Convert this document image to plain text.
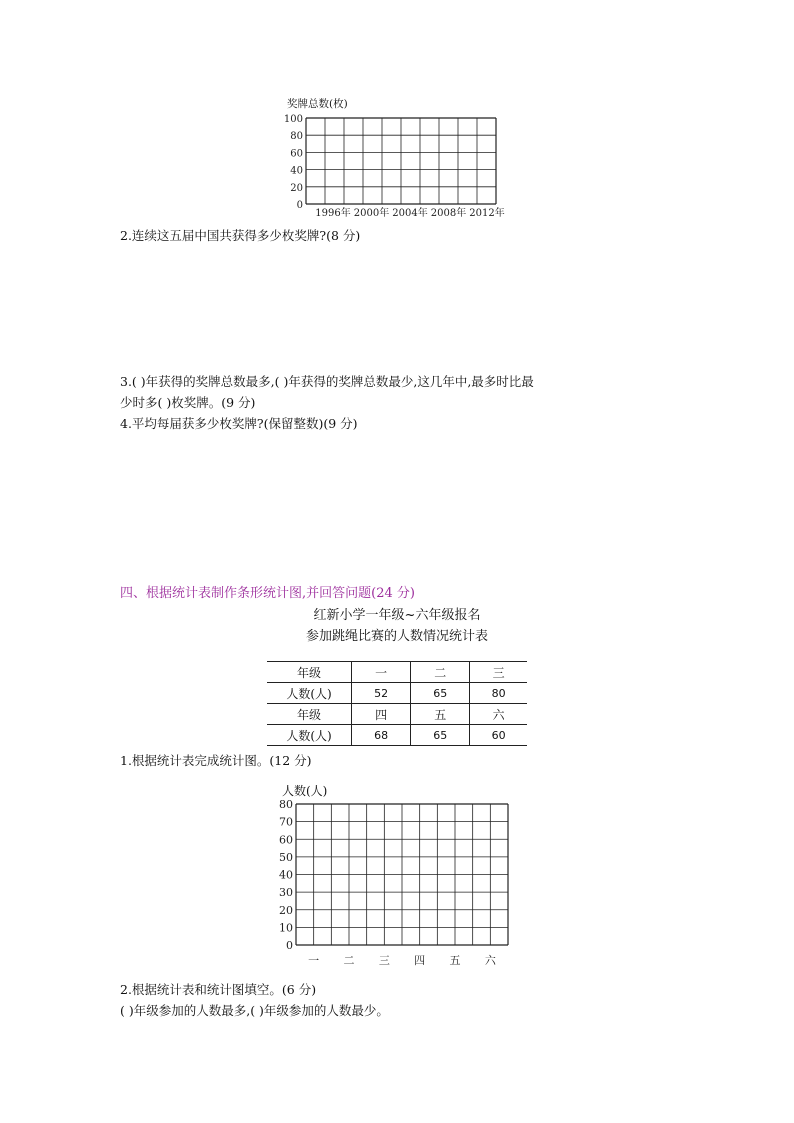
奖牌总数(枚)
100
80
60
40
20
0
1996年 2000年 2004年 2008年 2012年
2.连续这五届中国共获得多少枚奖牌?(8 分)
3.( )年获得的奖牌总数最多,( )年获得的奖牌总数最少,这几年中,最多时比最
少时多( )枚奖牌。(9 分)
4.平均每届获多少枚奖牌?(保留整数)(9 分)
四、根据统计表制作条形统计图,并回答问题(24 分)
红新小学一年级~六年级报名
参加跳绳比赛的人数情况统计表
年级	一	二	三
人数(人)	52	65	80
年级	四	五	六
人数(人)	68	65	60
1.根据统计表完成统计图。(12 分)
人数(人)
80
70
60
50
40
30
20
10
0
一 二 三 四 五 六
2.根据统计表和统计图填空。(6 分)
( )年级参加的人数最多,( )年级参加的人数最少。
